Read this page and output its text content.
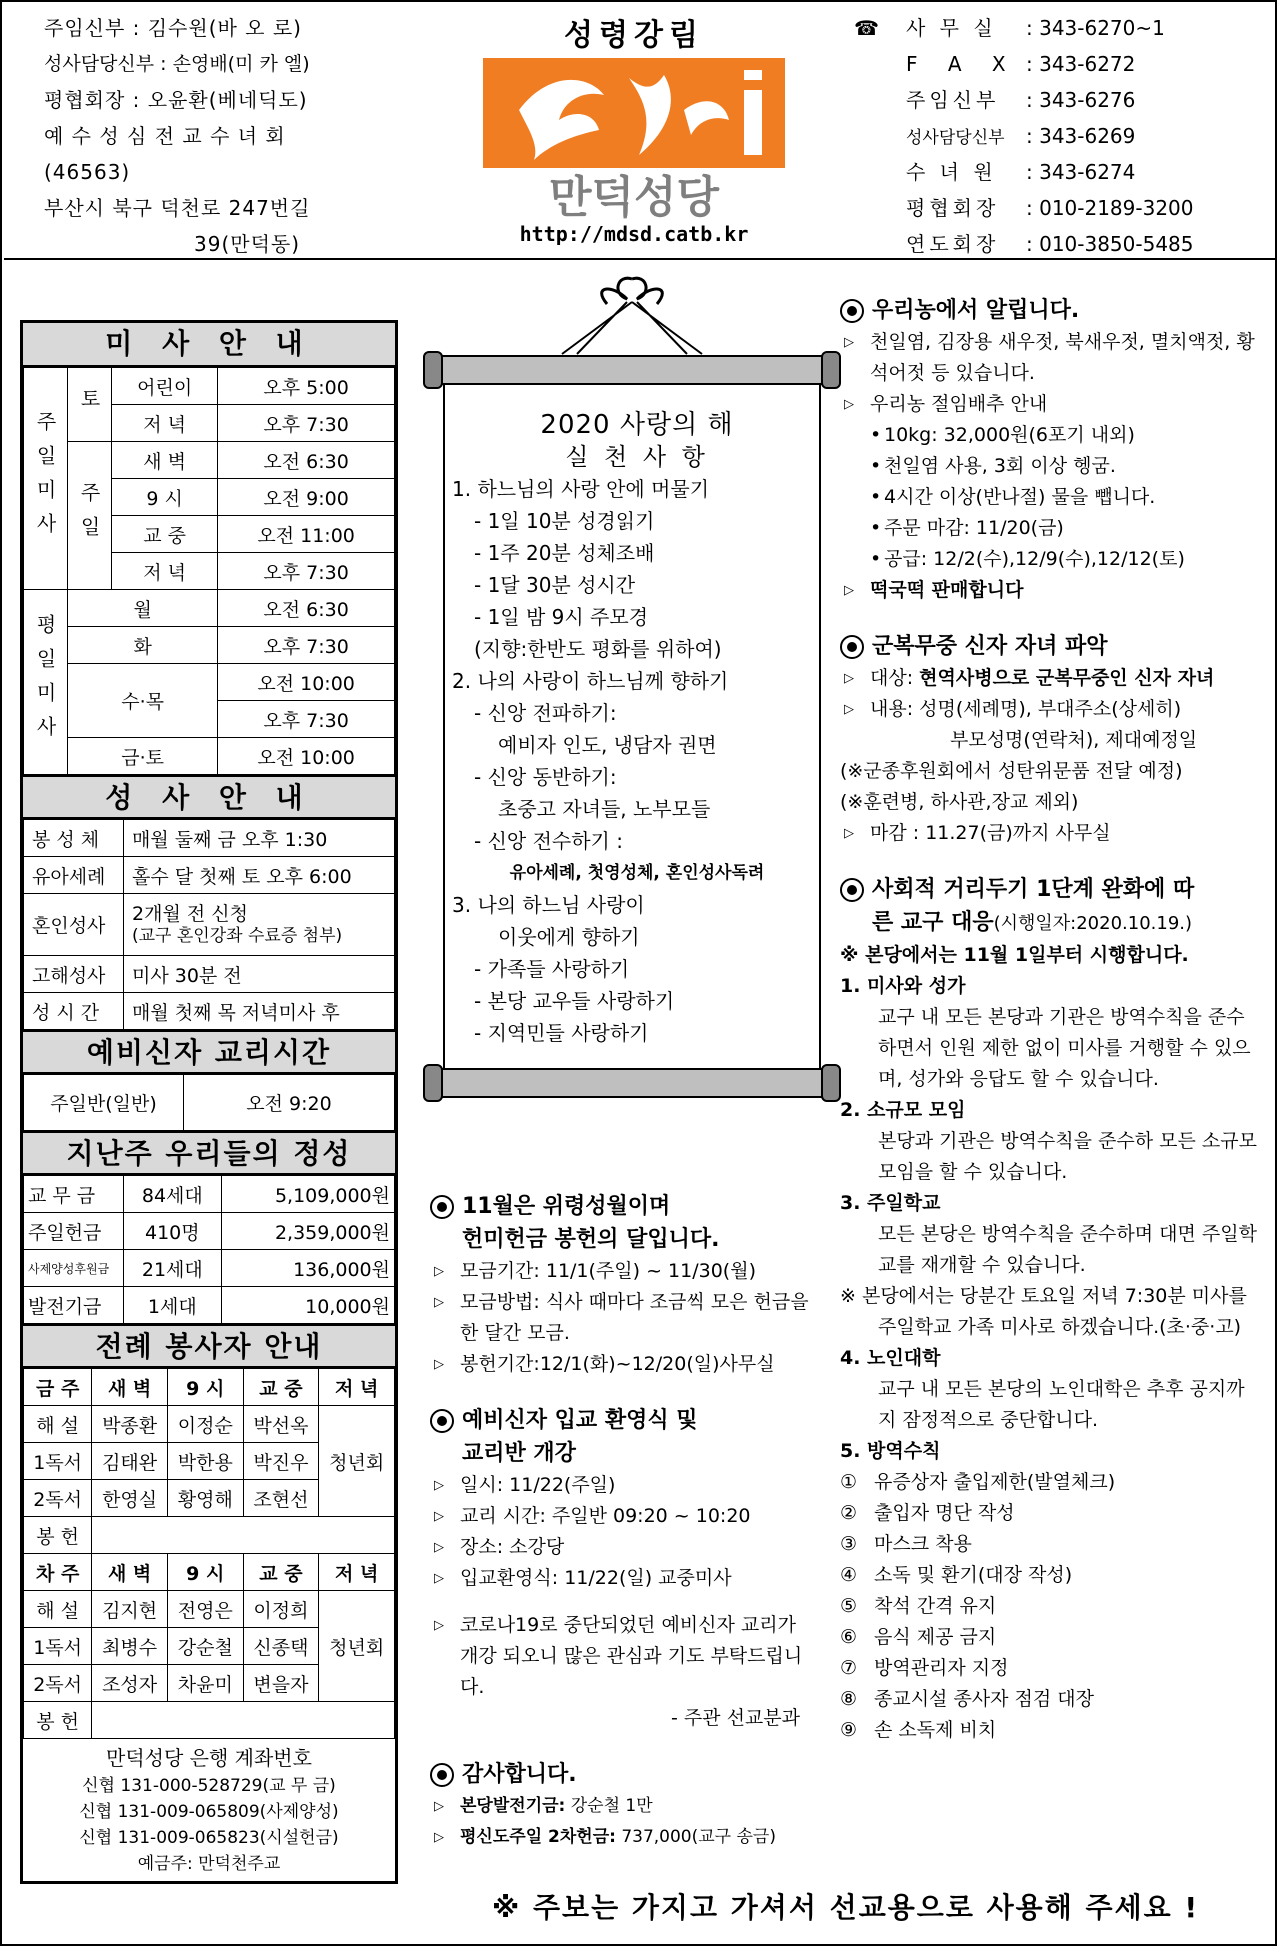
주임신부 : 김수원(바 오 로)
성사담당신부 : 손영배(미 카 엘)
평협회장 : 오윤환(베네딕도)
예 수 성 심 전 교 수 녀 회
(46563)
부산시 북구 덕천로 247번길
39(만덕동)
성령강림
만덕성당
http://mdsd.catb.kr
☎	사 무 실 : 343-6270~1
F A X : 343-6272
주임신부 : 343-6276
성사담당신부 : 343-6269
수 녀 원 : 343-6274
평협회장 : 010-2189-3200
연도회장 : 010-3850-5485
미 사 안 내
주일미사	토	어린이	오후 5:00
		저 녁	오후 7:30
	주일	새 벽	오전 6:30
		9 시	오전 9:00
		교 중	오전 11:00
		저 녁	오후 7:30
평일미사	월		오전 6:30
	화		오후 7:30
	수·목		오전 10:00
			오후 7:30
	금·토		오전 10:00
성 사 안 내
봉 성 체	매월 둘째 금 오후 1:30
유아세례	홀수 달 첫째 토 오후 6:00
혼인성사	2개월 전 신청
(교구 혼인강좌 수료증 첨부)

고해성사	미사 30분 전
성 시 간	매월 첫째 목 저녁미사 후
예비신자 교리시간
주일반(일반)	오전 9:20
지난주 우리들의 정성
교 무 금	84세대	5,109,000원
주일헌금	410명	2,359,000원
사제양성후원금	21세대	136,000원
발전기금	1세대	10,000원
전례 봉사자 안내
금 주	새 벽	9 시	교 중	저 녁
해 설	박종환	이정순	박선옥	청년회
1독서	김태완	박한용	박진우	
2독서	한영실	황영해	조현선	
봉 헌				
차 주	새 벽	9 시	교 중	저 녁
해 설	김지현	전영은	이정희	청년회
1독서	최병수	강순철	신종택	
2독서	조성자	차윤미	변을자	
봉 헌				
만덕성당 은행 계좌번호
신협 131-000-528729(교 무 금)
신협 131-009-065809(사제양성)
신협 131-009-065823(시설헌금)
예금주: 만덕천주교
2020 사랑의 해
실 천 사 항
1. 하느님의 사랑 안에 머물기
- 1일 10분 성경읽기
- 1주 20분 성체조배
- 1달 30분 성시간
- 1일 밤 9시 주모경
(지향:한반도 평화를 위하여)
2. 나의 사랑이 하느님께 향하기
- 신앙 전파하기:
예비자 인도, 냉담자 권면
- 신앙 동반하기:
초중고 자녀들, 노부모들
- 신앙 전수하기 :
유아세례, 첫영성체, 혼인성사독려
3. 나의 하느님 사랑이
이웃에게 향하기
- 가족들 사랑하기
- 본당 교우들 사랑하기
- 지역민들 사랑하기
11월은 위령성월이며
헌미헌금 봉헌의 달입니다.
▷ 모금기간: 11/1(주일) ~ 11/30(월)
▷ 모금방법: 식사 때마다 조금씩 모은 헌금을 한 달간 모금.
▷ 봉헌기간:12/1(화)~12/20(일)사무실
예비신자 입교 환영식 및
교리반 개강
▷ 일시: 11/22(주일)
▷ 교리 시간: 주일반 09:20 ~ 10:20
▷ 장소: 소강당
▷ 입교환영식: 11/22(일) 교중미사
▷ 코로나19로 중단되었던 예비신자 교리가 개강 되오니 많은 관심과 기도 부탁드립니다.
- 주관 선교분과
감사합니다.
▷ 본당발전기금: 강순철 1만
▷ 평신도주일 2차헌금: 737,000(교구 송금)
우리농에서 알립니다.
▷ 천일염, 김장용 새우젓, 북새우젓, 멸치액젓, 황석어젓 등 있습니다.
▷ 우리농 절임배추 안내
• 10kg: 32,000원(6포기 내외)
• 천일염 사용, 3회 이상 헹굼.
• 4시간 이상(반나절) 물을 뺍니다.
• 주문 마감: 11/20(금)
• 공급: 12/2(수),12/9(수),12/12(토)
▷ 떡국떡 판매합니다
군복무중 신자 자녀 파악
▷ 대상: 현역사병으로 군복무중인 신자 자녀
▷ 내용: 성명(세례명), 부대주소(상세히)
부모성명(연락처), 제대예정일
(※군종후원회에서 성탄위문품 전달 예정)
(※훈련병, 하사관,장교 제외)
▷ 마감 : 11.27(금)까지 사무실
사회적 거리두기 1단계 완화에 따
른 교구 대응(시행일자:2020.10.19.)
※ 본당에서는 11월 1일부터 시행합니다.
1. 미사와 성가
교구 내 모든 본당과 기관은 방역수칙을 준수하면서 인원 제한 없이 미사를 거행할 수 있으며, 성가와 응답도 할 수 있습니다.
2. 소규모 모임
본당과 기관은 방역수칙을 준수하 모든 소규모 모임을 할 수 있습니다.
3. 주일학교
모든 본당은 방역수칙을 준수하며 대면 주일학교를 재개할 수 있습니다.
※ 본당에서는 당분간 토요일 저녁 7:30분 미사를 주일학교 가족 미사로 하겠습니다.(초·중·고)
4. 노인대학
교구 내 모든 본당의 노인대학은 추후 공지까지 잠정적으로 중단합니다.
5. 방역수칙
① 유증상자 출입제한(발열체크)
② 출입자 명단 작성
③ 마스크 착용
④ 소독 및 환기(대장 작성)
⑤ 착석 간격 유지
⑥ 음식 제공 금지
⑦ 방역관리자 지정
⑧ 종교시설 종사자 점검 대장
⑨ 손 소독제 비치
※ 주보는 가지고 가셔서 선교용으로 사용해 주세요 !
